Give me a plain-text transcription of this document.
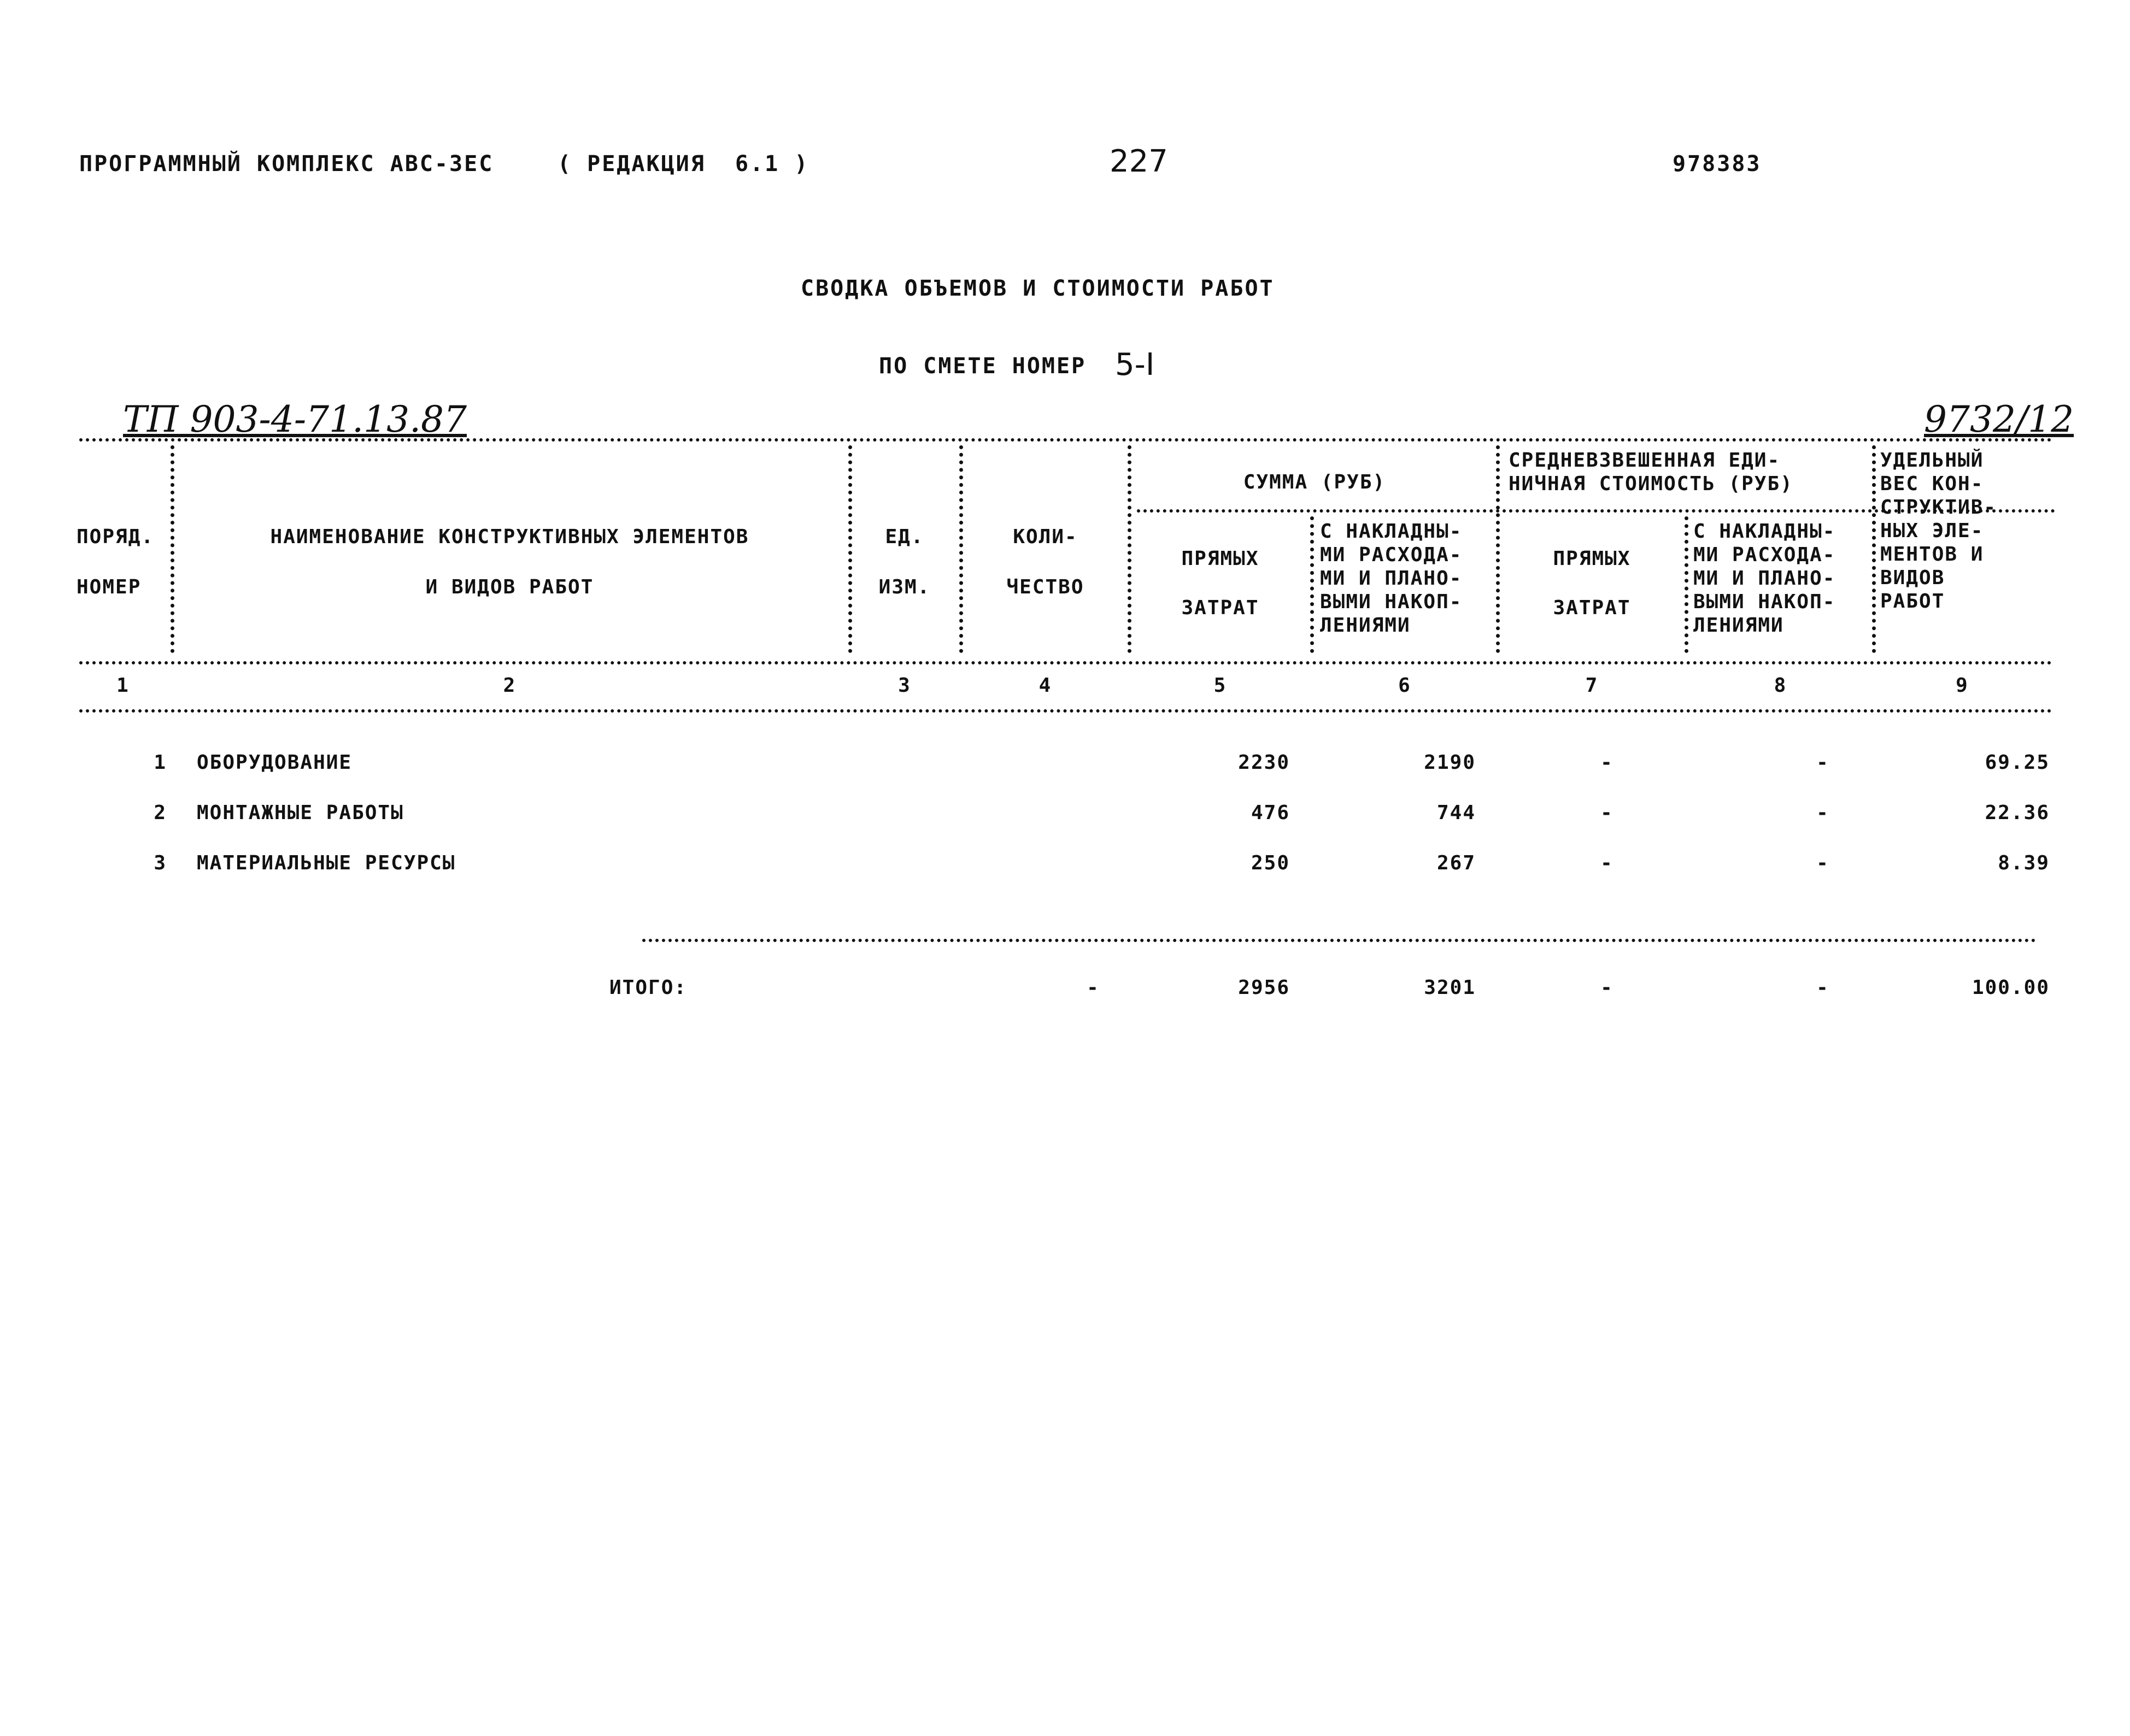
ПРОГРАММНЫЙ КОМПЛЕКС АВС-ЗЕС	( РЕДАКЦИЯ  6.1 )	227	978383
СВОДКА ОБЪЕМОВ И СТОИМОСТИ РАБОТ
ПО СМЕТЕ НОМЕР 5-I
ТП 903-4-71.13.87	9732/12
ПОРЯД.
НОМЕР
НАИМЕНОВАНИЕ КОНСТРУКТИВНЫХ ЭЛЕМЕНТОВ
И ВИДОВ РАБОТ
ЕД.
ИЗМ.
КОЛИ-
ЧЕСТВО
СУММА (РУБ)
СРЕДНЕВЗВЕШЕННАЯ ЕДИ-
НИЧНАЯ СТОИМОСТЬ (РУБ)
ПРЯМЫХ
ЗАТРАТ
С НАКЛАДНЫ-
МИ РАСХОДА-
МИ И ПЛАНО-
ВЫМИ НАКОП-
ЛЕНИЯМИ
ПРЯМЫХ
ЗАТРАТ
С НАКЛАДНЫ-
МИ РАСХОДА-
МИ И ПЛАНО-
ВЫМИ НАКОП-
ЛЕНИЯМИ
УДЕЛЬНЫЙ
ВЕС КОН-
СТРУКТИВ-
НЫХ ЭЛЕ-
МЕНТОВ И
ВИДОВ
РАБОТ
1	2	3	4	5	6	7	8	9
1 ОБОРУДОВАНИЕ	2230	2190	-	-	69.25
2 МОНТАЖНЫЕ РАБОТЫ	476	744	-	-	22.36
3 МАТЕРИАЛЬНЫЕ РЕСУРСЫ	250	267	-	-	8.39
ИТОГО:	-	2956	3201	-	-	100.00
